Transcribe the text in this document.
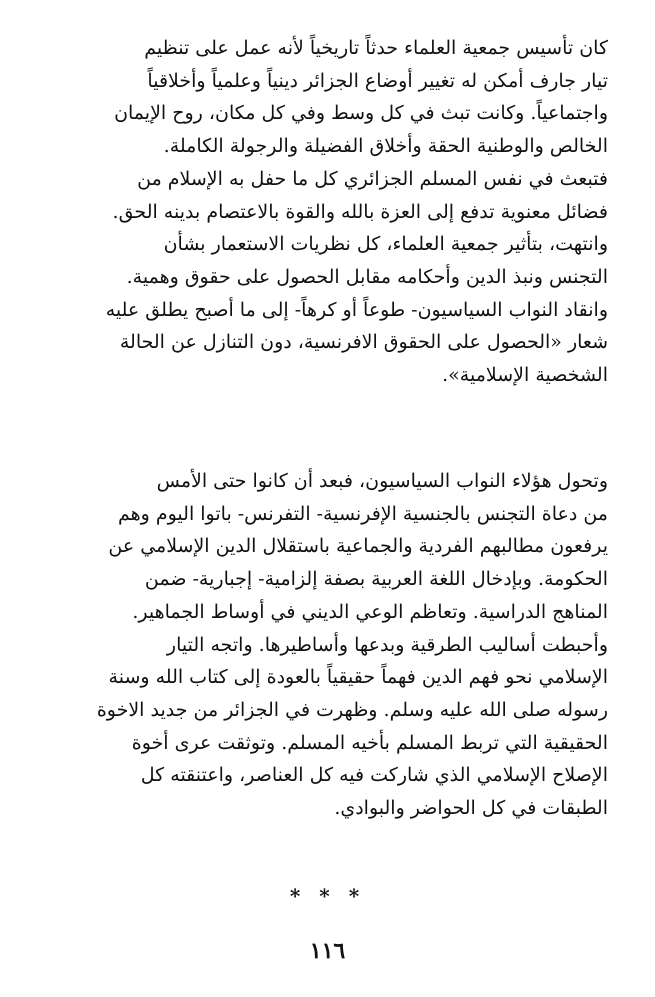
كان تأسيس جمعية العلماء حدثاً تاريخياً لأنه عمل على تنظيم
تيار جارف أمكن له تغيير أوضاع الجزائر دينياً وعلمياً وأخلاقياً
واجتماعياً. وكانت تبث في كل وسط وفي كل مكان، روح الإيمان
الخالص والوطنية الحقة وأخلاق الفضيلة والرجولة الكاملة.
فتبعث في نفس المسلم الجزائري كل ما حفل به الإسلام من
فضائل معنوية تدفع إلى العزة بالله والقوة بالاعتصام بدينه الحق.
وانتهت، بتأثير جمعية العلماء، كل نظريات الاستعمار بشأن
التجنس ونبذ الدين وأحكامه مقابل الحصول على حقوق وهمية.
وانقاد النواب السياسيون- طوعاً أو كرهاً- إلى ما أصبح يطلق عليه
شعار «الحصول على الحقوق الافرنسية، دون التنازل عن الحالة
الشخصية الإسلامية».
وتحول هؤلاء النواب السياسيون، فبعد أن كانوا حتى الأمس
من دعاة التجنس بالجنسية الإفرنسية- التفرنس- باتوا اليوم وهم
يرفعون مطالبهم الفردية والجماعية باستقلال الدين الإسلامي عن
الحكومة. وبإدخال اللغة العربية بصفة إلزامية- إجبارية- ضمن
المناهج الدراسية. وتعاظم الوعي الديني في أوساط الجماهير.
وأحبطت أساليب الطرقية وبدعها وأساطيرها. واتجه التيار
الإسلامي نحو فهم الدين فهماً حقيقياً بالعودة إلى كتاب الله وسنة
رسوله صلى الله عليه وسلم. وظهرت في الجزائر من جديد الاخوة
الحقيقية التي تربط المسلم بأخيه المسلم. وتوثقت عرى أخوة
الإصلاح الإسلامي الذي شاركت فيه كل العناصر، واعتنقته كل
الطبقات في كل الحواضر والبوادي.
* * *
١١٦
